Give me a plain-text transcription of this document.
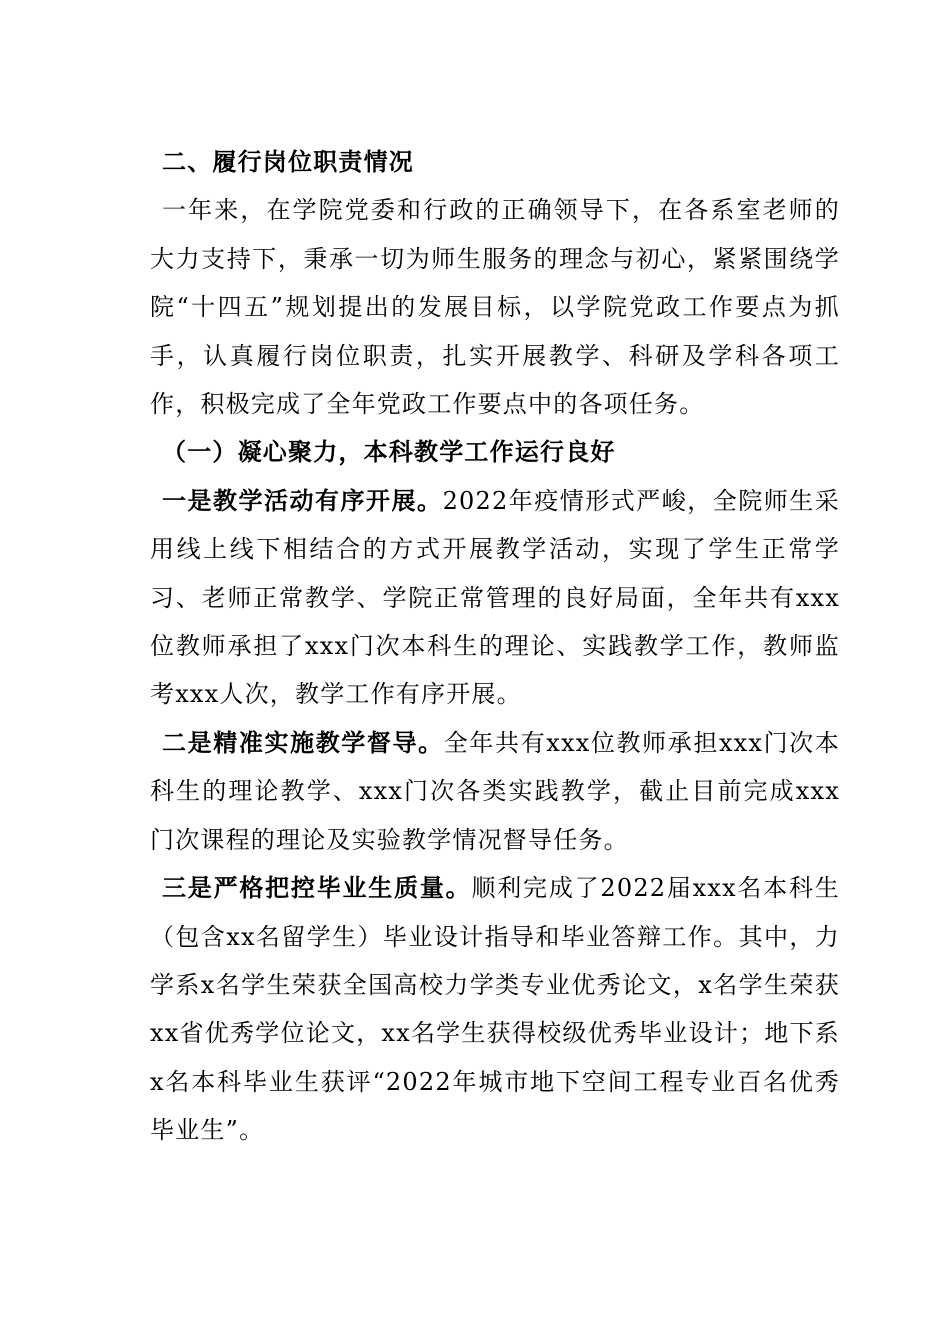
二、履行岗位职责情况

一年来，在学院党委和行政的正确领导下，在各系室老师的大力支持下，秉承一切为师生服务的理念与初心，紧紧围绕学院“十四五”规划提出的发展目标，以学院党政工作要点为抓手，认真履行岗位职责，扎实开展教学、科研及学科各项工作，积极完成了全年党政工作要点中的各项任务。

（一）凝心聚力，本科教学工作运行良好

一是教学活动有序开展。2022年疫情形式严峻，全院师生采用线上线下相结合的方式开展教学活动，实现了学生正常学习、老师正常教学、学院正常管理的良好局面，全年共有xxx位教师承担了xxx门次本科生的理论、实践教学工作，教师监考xxx人次，教学工作有序开展。

二是精准实施教学督导。全年共有xxx位教师承担xxx门次本科生的理论教学、xxx门次各类实践教学，截止目前完成xxx门次课程的理论及实验教学情况督导任务。

三是严格把控毕业生质量。顺利完成了2022届xxx名本科生（包含xx名留学生）毕业设计指导和毕业答辩工作。其中，力学系x名学生荣获全国高校力学类专业优秀论文，x名学生荣获xx省优秀学位论文，xx名学生获得校级优秀毕业设计；地下系x名本科毕业生获评“2022年城市地下空间工程专业百名优秀毕业生”。
